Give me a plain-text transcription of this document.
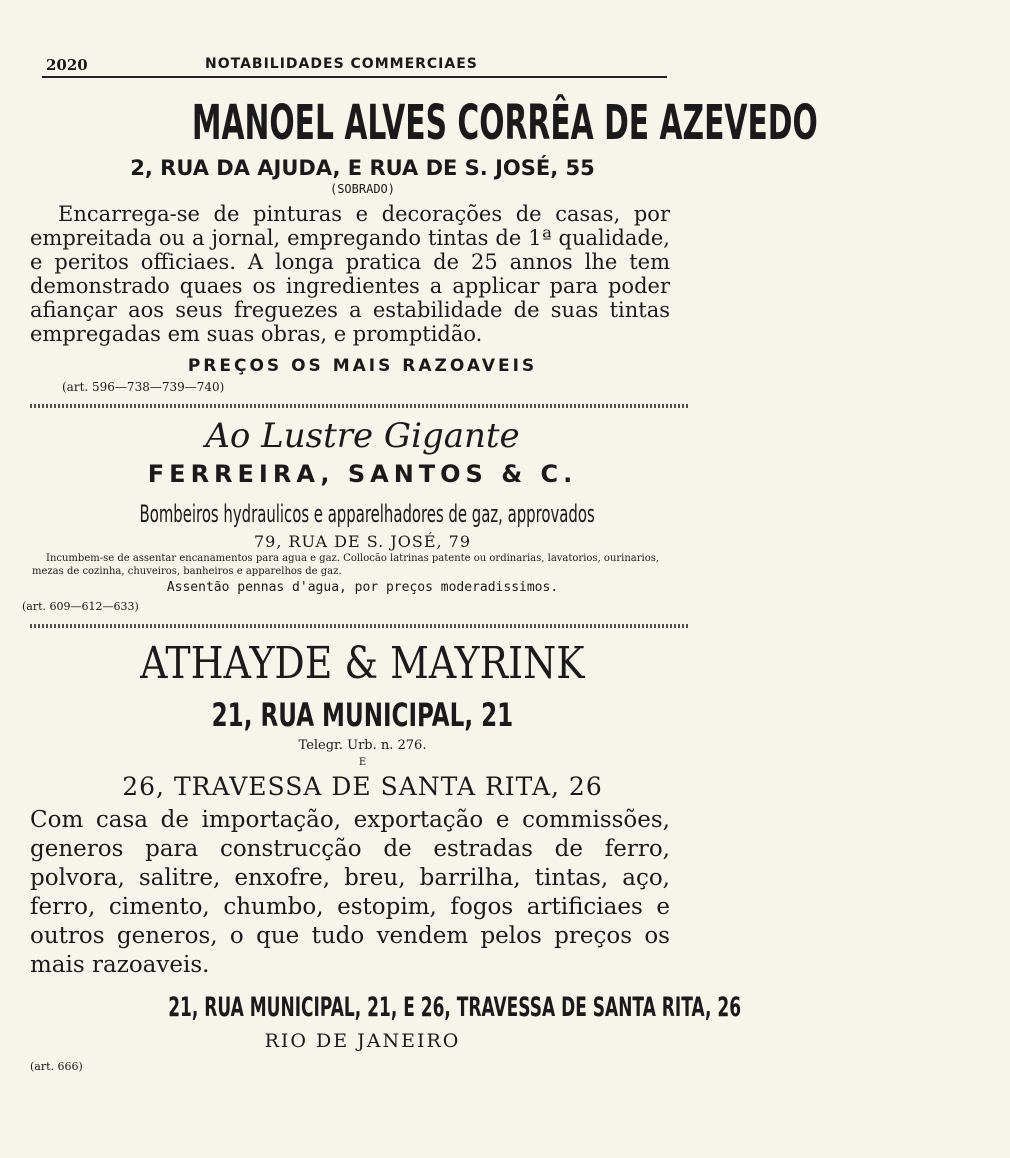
2020	NOTABILIDADES COMMERCIAES
MANOEL ALVES CORRÊA DE AZEVEDO
2, RUA DA AJUDA, E RUA DE S. JOSÉ, 55
(SOBRADO)
Encarrega-se de pinturas e decorações de casas, por empreitada ou a jornal, empregando tintas de 1ª qualidade, e peritos officiaes. A longa pratica de 25 annos lhe tem demonstrado quaes os ingredientes a applicar para poder afiançar aos seus freguezes a estabilidade de suas tintas empregadas em suas obras, e promptidão.
PREÇOS OS MAIS RAZOAVEIS
(art. 596—738—739—740)
Ao Lustre Gigante
FERREIRA, SANTOS & C.
Bombeiros hydraulicos e apparelhadores de gaz, approvados
79, RUA DE S. JOSÉ, 79
Incumbem-se de assentar encanamentos para agua e gaz. Collocão latrinas patente ou ordinarias, lavatorios, ourinarios, mezas de cozinha, chuveiros, banheiros e apparelhos de gaz.
Assentão pennas d'agua, por preços moderadissimos.
(art. 609—612—633)
ATHAYDE & MAYRINK
21, RUA MUNICIPAL, 21
Telegr. Urb. n. 276.
E
26, TRAVESSA DE SANTA RITA, 26
Com casa de importação, exportação e commissões, generos para construcção de estradas de ferro, polvora, salitre, enxofre, breu, barrilha, tintas, aço, ferro, cimento, chumbo, estopim, fogos artificiaes e outros generos, o que tudo vendem pelos preços os mais razoaveis.
21, RUA MUNICIPAL, 21, E 26, TRAVESSA DE SANTA RITA, 26
RIO DE JANEIRO
(art. 666)
